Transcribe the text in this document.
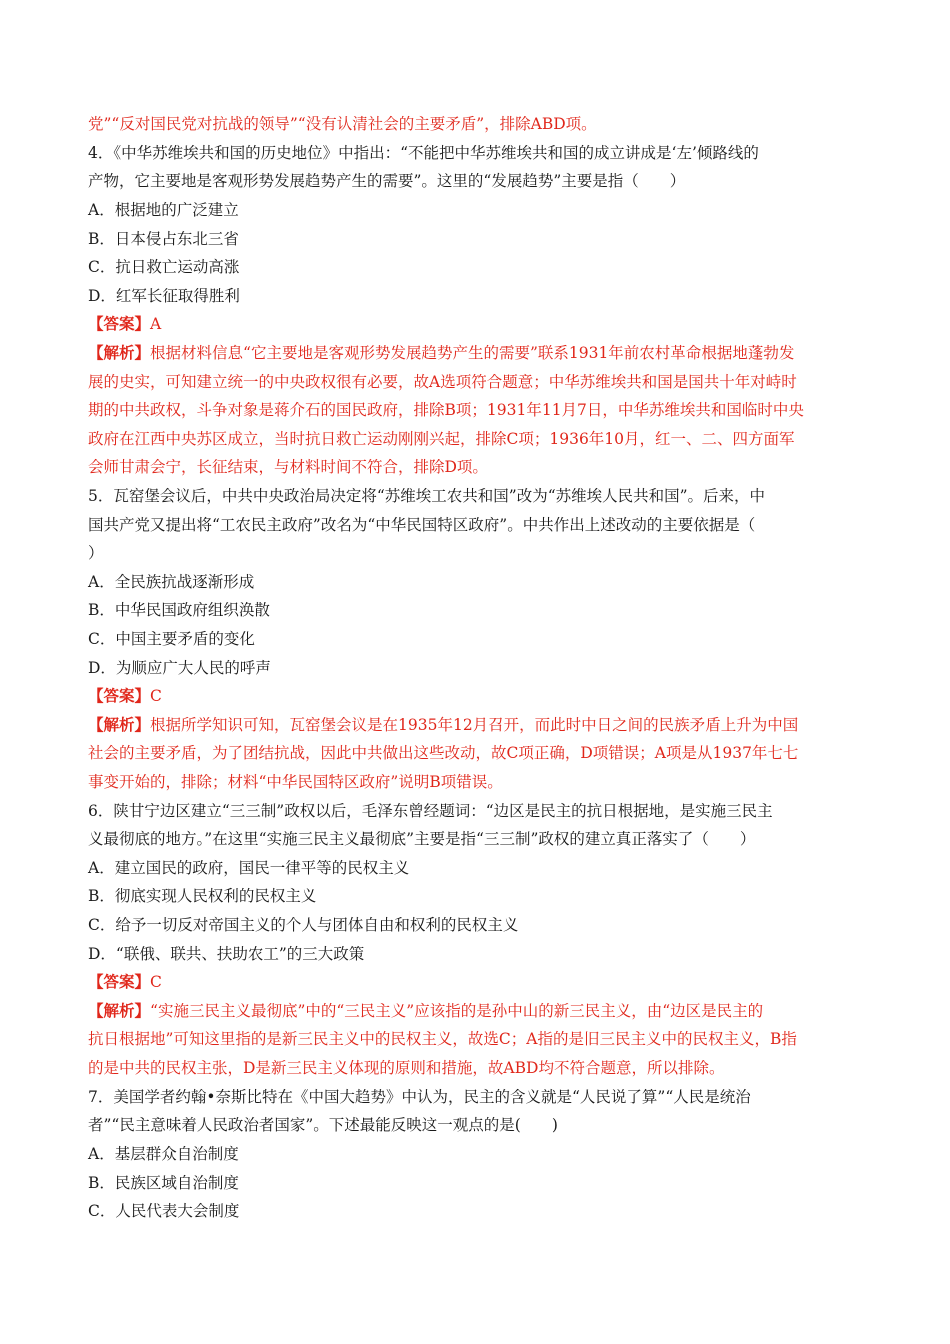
党”“反对国民党对抗战的领导”“没有认清社会的主要矛盾”，排除ABD项。
4．《中华苏维埃共和国的历史地位》中指出：“不能把中华苏维埃共和国的成立讲成是‘左’倾路线的
产物，它主要地是客观形势发展趋势产生的需要”。这里的“发展趋势”主要是指（　　）
A．根据地的广泛建立
B．日本侵占东北三省
C．抗日救亡运动高涨
D．红军长征取得胜利
【答案】A
【解析】根据材料信息“它主要地是客观形势发展趋势产生的需要”联系1931年前农村革命根据地蓬勃发
展的史实，可知建立统一的中央政权很有必要，故A选项符合题意；中华苏维埃共和国是国共十年对峙时
期的中共政权，斗争对象是蒋介石的国民政府，排除B项；1931年11月7日，中华苏维埃共和国临时中央
政府在江西中央苏区成立，当时抗日救亡运动刚刚兴起，排除C项；1936年10月，红一、二、四方面军
会师甘肃会宁，长征结束，与材料时间不符合，排除D项。
5．瓦窑堡会议后，中共中央政治局决定将“苏维埃工农共和国”改为“苏维埃人民共和国”。后来，中
国共产党又提出将“工农民主政府”改名为“中华民国特区政府”。中共作出上述改动的主要依据是（
）
A．全民族抗战逐渐形成
B．中华民国政府组织涣散
C．中国主要矛盾的变化
D．为顺应广大人民的呼声
【答案】C
【解析】根据所学知识可知，瓦窑堡会议是在1935年12月召开，而此时中日之间的民族矛盾上升为中国
社会的主要矛盾，为了团结抗战，因此中共做出这些改动，故C项正确，D项错误；A项是从1937年七七
事变开始的，排除；材料“中华民国特区政府”说明B项错误。
6．陕甘宁边区建立“三三制”政权以后，毛泽东曾经题词：“边区是民主的抗日根据地，是实施三民主
义最彻底的地方。”在这里“实施三民主义最彻底”主要是指“三三制”政权的建立真正落实了（　　）
A．建立国民的政府，国民一律平等的民权主义
B．彻底实现人民权利的民权主义
C．给予一切反对帝国主义的个人与团体自由和权利的民权主义
D．“联俄、联共、扶助农工”的三大政策
【答案】C
【解析】“实施三民主义最彻底”中的“三民主义”应该指的是孙中山的新三民主义，由“边区是民主的
抗日根据地”可知这里指的是新三民主义中的民权主义，故选C；A指的是旧三民主义中的民权主义，B指
的是中共的民权主张，D是新三民主义体现的原则和措施，故ABD均不符合题意，所以排除。
7．美国学者约翰•奈斯比特在《中国大趋势》中认为，民主的含义就是“人民说了算”“人民是统治
者”“民主意味着人民政治者国家”。下述最能反映这一观点的是(　　)
A．基层群众自治制度
B．民族区域自治制度
C．人民代表大会制度
